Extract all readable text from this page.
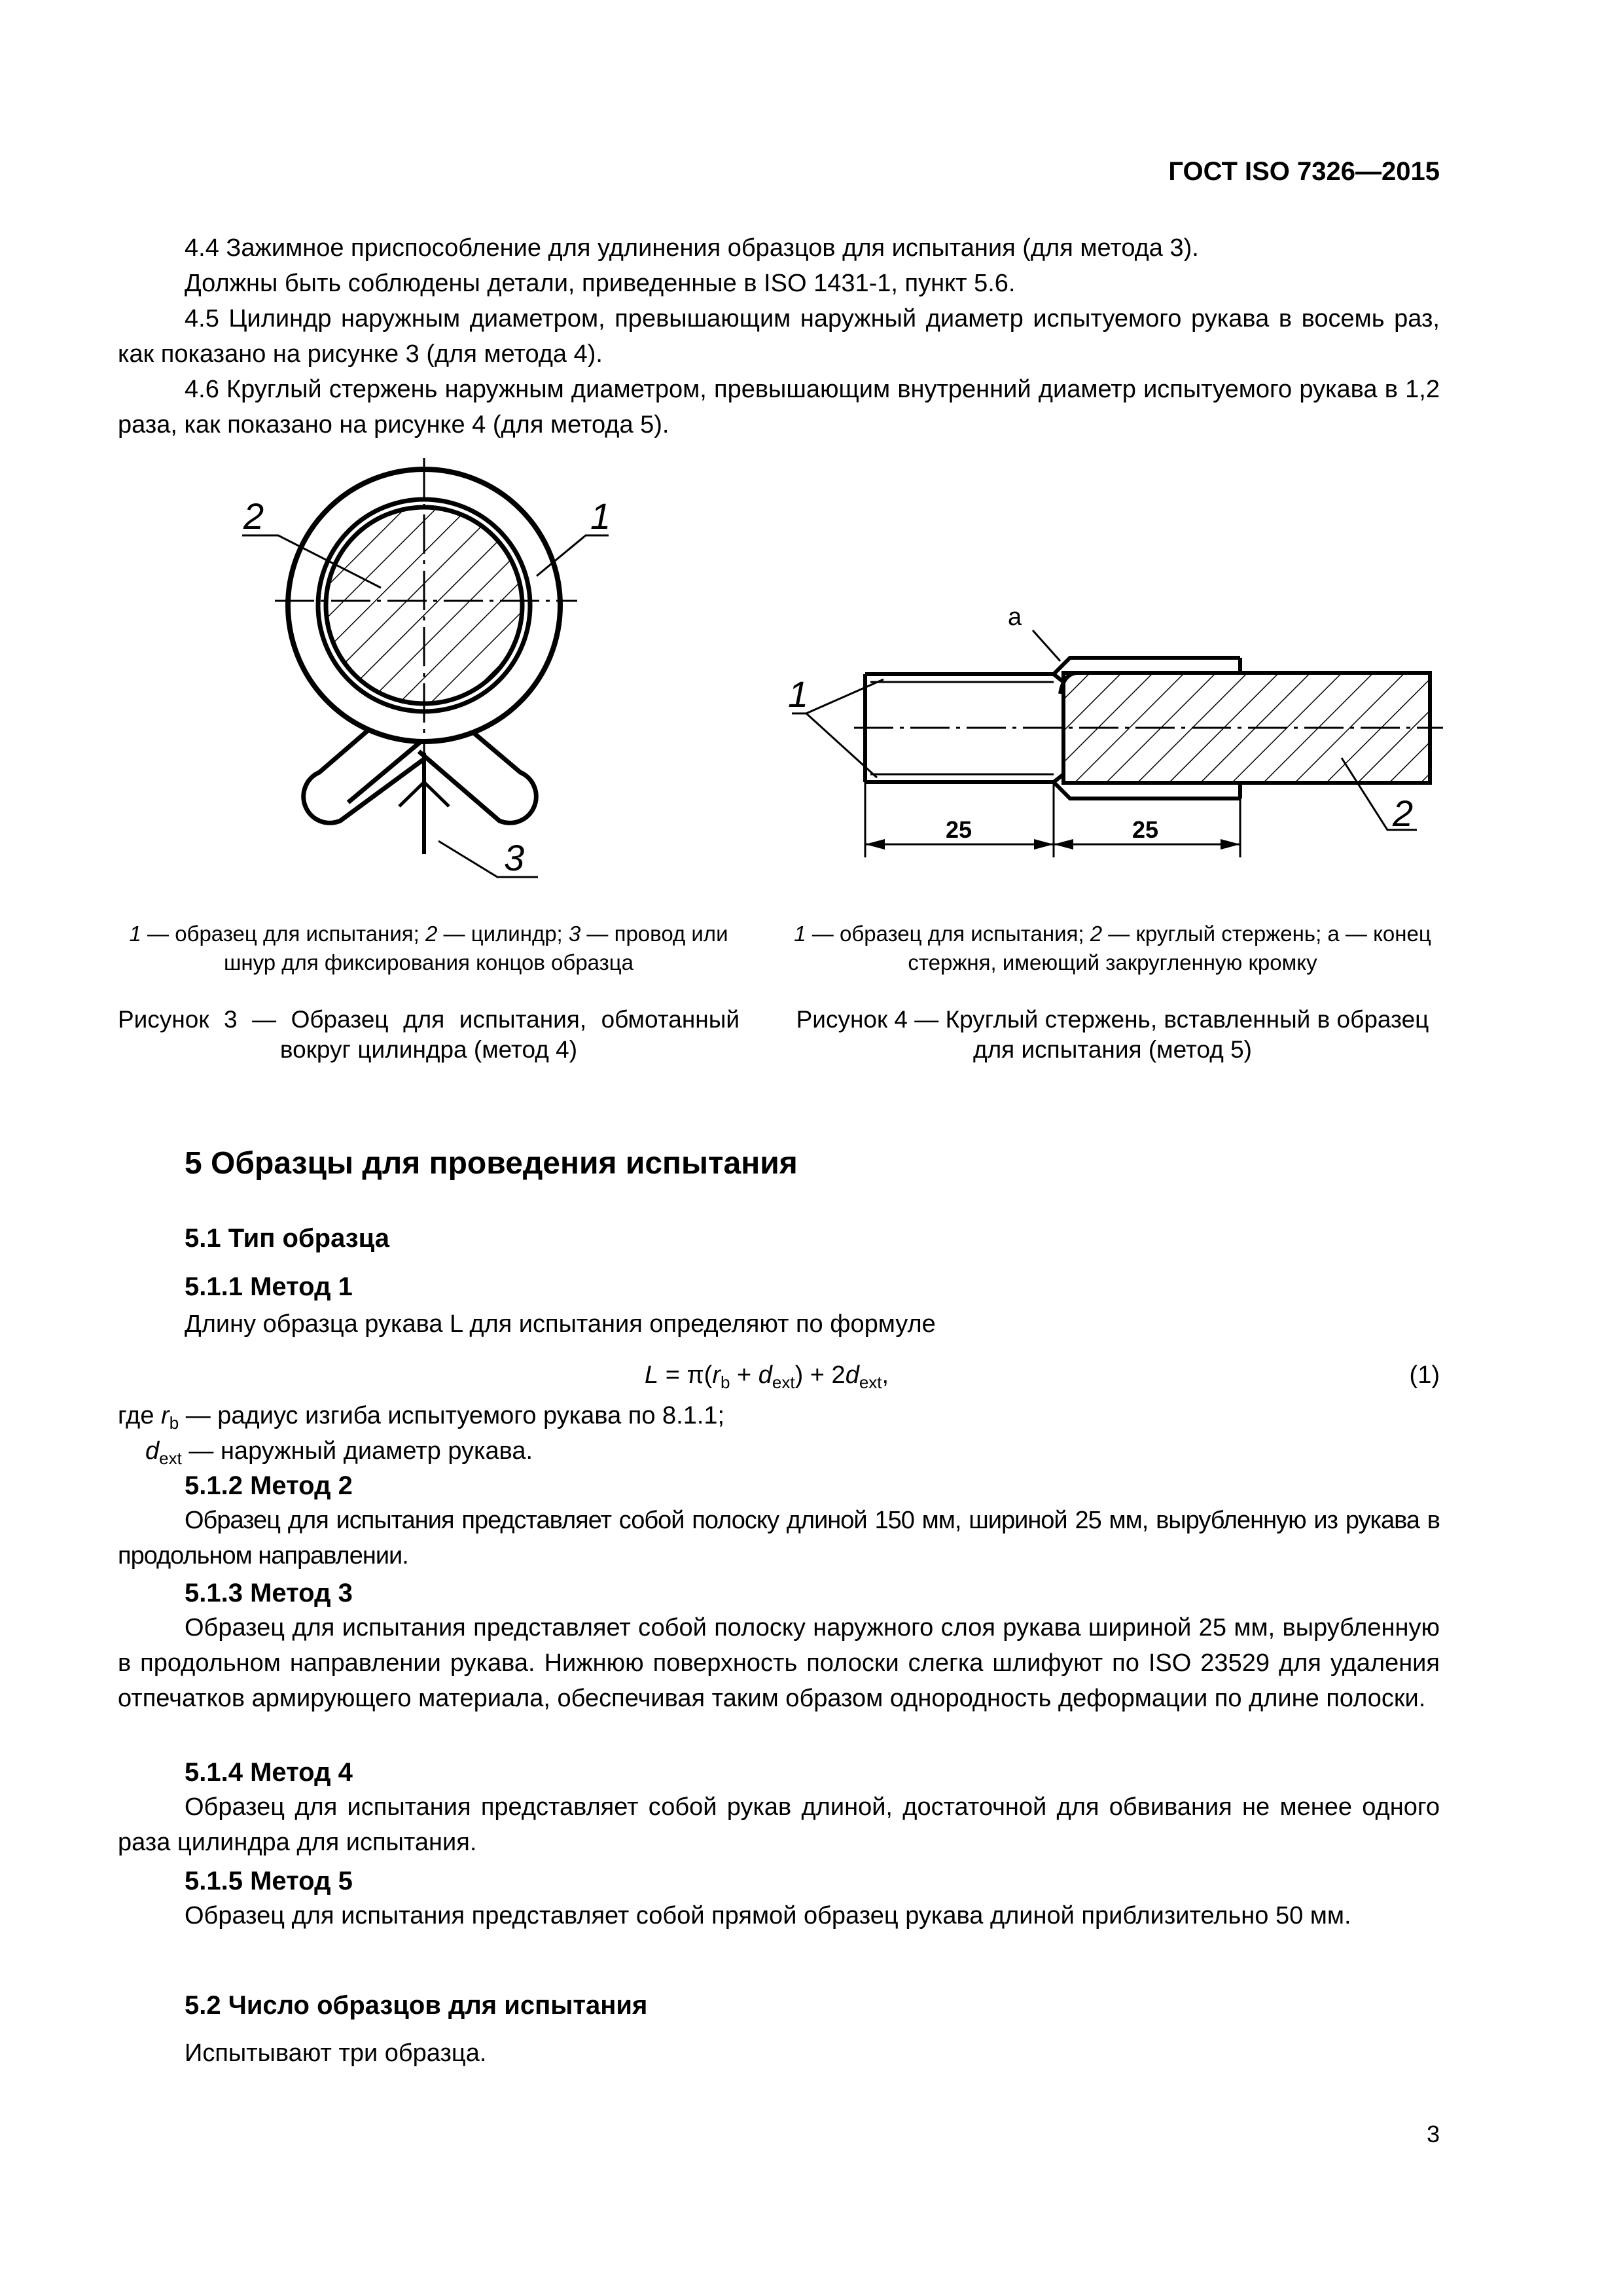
ГОСТ ISO 7326—2015

4.4 Зажимное приспособление для удлинения образцов для испытания (для метода 3).

Должны быть соблюдены детали, приведенные в ISO 1431-1, пункт 5.6.

4.5 Цилиндр наружным диаметром, превышающим наружный диаметр испытуемого рукава в восемь раз, как показано на рисунке 3 (для метода 4).

4.6 Круглый стержень наружным диаметром, превышающим внутренний диаметр испытуемого рукава в 1,2 раза, как показано на рисунке 4 (для метода 5).

2	1
3
a
1
2
25	25

1 — образец для испытания; 2 — цилиндр; 3 — провод или шнур для фиксирования концов образца

1 — образец для испытания; 2 — круглый стержень; a — конец стержня, имеющий закругленную кромку

Рисунок 3 — Образец для испытания, обмотанный вокруг цилиндра (метод 4)

Рисунок 4 — Круглый стержень, вставленный в образец для испытания (метод 5)

5 Образцы для проведения испытания
5.1 Тип образца
5.1.1 Метод 1

Длину образца рукава L для испытания определяют по формуле

$L = \pi(r_b + d_{ext}) + 2d_{ext}$,	(1)

где $r_b$ — радиус изгиба испытуемого рукава по 8.1.1;

$d_{ext}$ — наружный диаметр рукава.

5.1.2 Метод 2

Образец для испытания представляет собой полоску длиной 150 мм, шириной 25 мм, вырубленную из рукава в продольном направлении.

5.1.3 Метод 3

Образец для испытания представляет собой полоску наружного слоя рукава шириной 25 мм, вырубленную в продольном направлении рукава. Нижнюю поверхность полоски слегка шлифуют по ISO 23529 для удаления отпечатков армирующего материала, обеспечивая таким образом однородность деформации по длине полоски.

5.1.4 Метод 4

Образец для испытания представляет собой рукав длиной, достаточной для обвивания не менее одного раза цилиндра для испытания.

5.1.5 Метод 5

Образец для испытания представляет собой прямой образец рукава длиной приблизительно 50 мм.

5.2 Число образцов для испытания

Испытывают три образца.

3
